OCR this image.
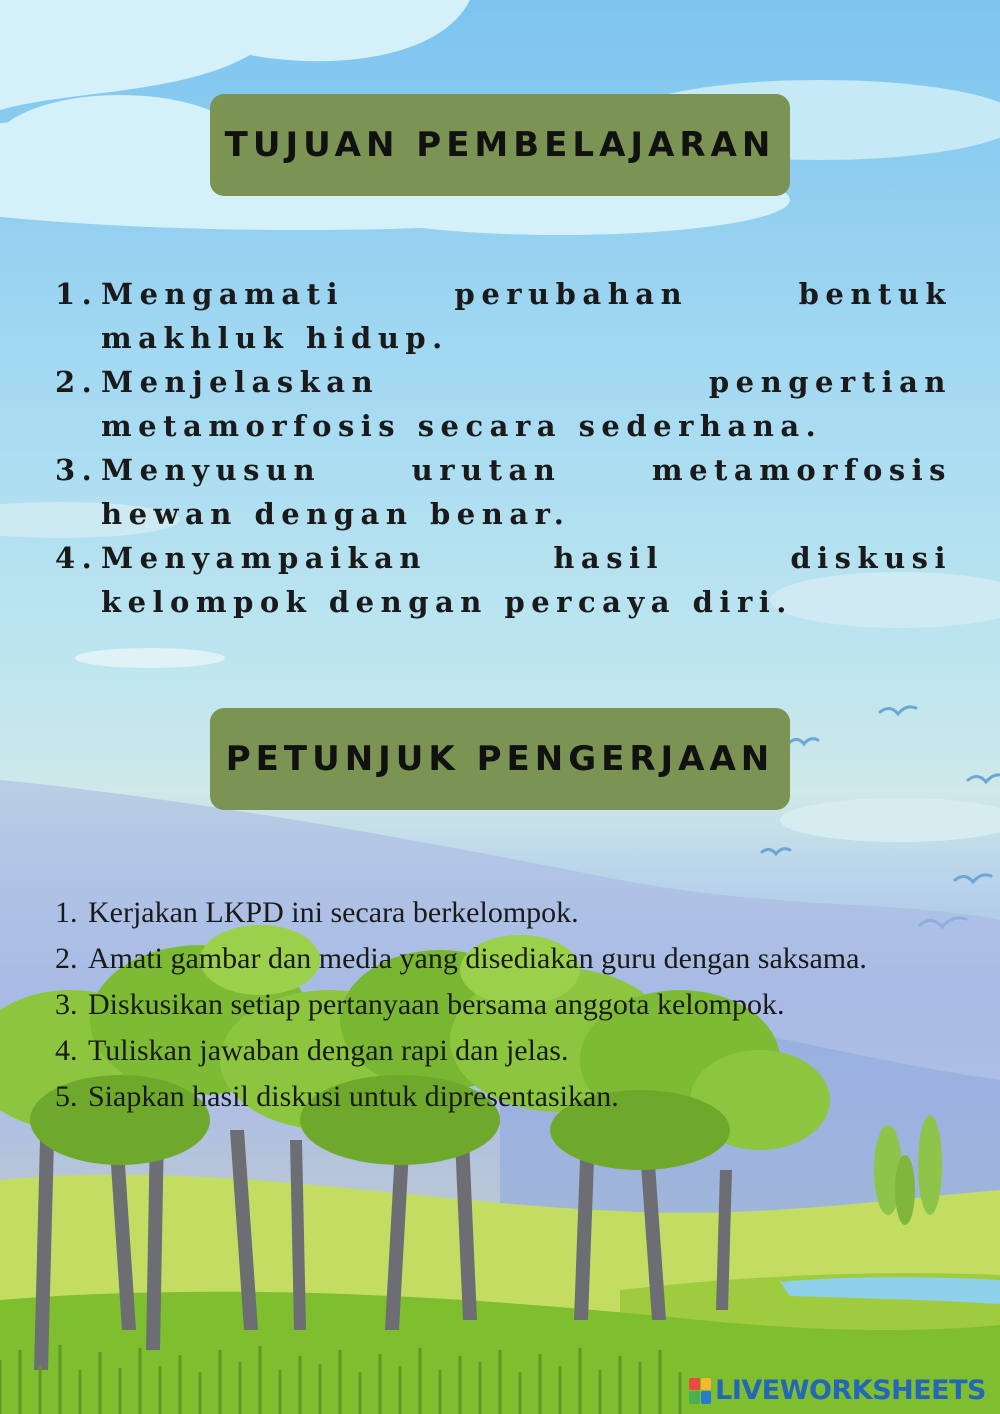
TUJUAN PEMBELAJARAN
1. Mengamati perubahan bentuk makhluk hidup.
2. Menjelaskan pengertian metamorfosis secara sederhana.
3. Menyusun urutan metamorfosis hewan dengan benar.
4. Menyampaikan hasil diskusi kelompok dengan percaya diri.
PETUNJUK PENGERJAAN
1. Kerjakan LKPD ini secara berkelompok.
2. Amati gambar dan media yang disediakan guru dengan saksama.
3. Diskusikan setiap pertanyaan bersama anggota kelompok.
4. Tuliskan jawaban dengan rapi dan jelas.
5. Siapkan hasil diskusi untuk dipresentasikan.
LIVEWORKSHEETS
